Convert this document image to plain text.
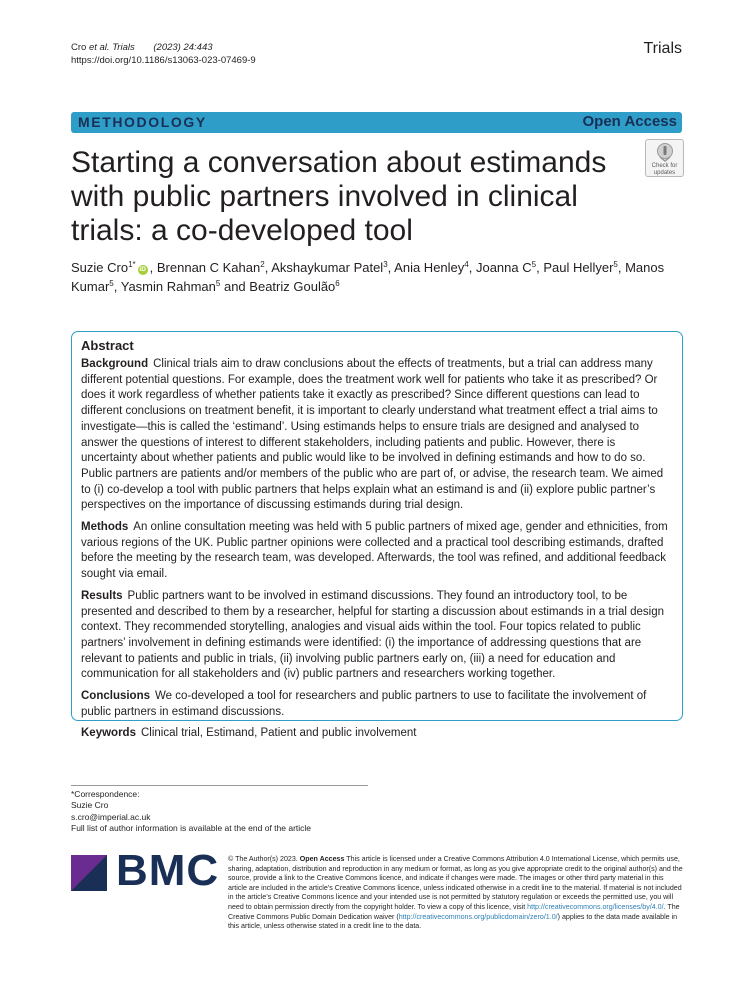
Cro et al. Trials (2023) 24:443
https://doi.org/10.1186/s13063-023-07469-9
Trials
METHODOLOGY	Open Access
Check for
updates
Starting a conversation about estimands with public partners involved in clinical trials: a co-developed tool
Suzie Cro$^{1*}$iD , Brennan C Kahan$^2$, Akshaykumar Patel$^3$, Ania Henley$^4$, Joanna $C^5$, Paul Hellyer$^5$, Manos Kumar$^5$, Yasmin Rahman$^5$ and Beatriz Goulão$^6$
Abstract

Background Clinical trials aim to draw conclusions about the effects of treatments, but a trial can address many different potential questions. For example, does the treatment work well for patients who take it as prescribed? Or does it work regardless of whether patients take it exactly as prescribed? Since different questions can lead to different conclusions on treatment benefit, it is important to clearly understand what treatment effect a trial aims to investigate—this is called the ‘estimand’. Using estimands helps to ensure trials are designed and analysed to answer the questions of interest to different stakeholders, including patients and public. However, there is uncertainty about whether patients and public would like to be involved in defining estimands and how to do so. Public partners are patients and/or members of the public who are part of, or advise, the research team. We aimed to (i) co-develop a tool with public partners that helps explain what an estimand is and (ii) explore public partner’s perspectives on the importance of discussing estimands during trial design.

Methods An online consultation meeting was held with 5 public partners of mixed age, gender and ethnicities, from various regions of the UK. Public partner opinions were collected and a practical tool describing estimands, drafted before the meeting by the research team, was developed. Afterwards, the tool was refined, and additional feedback sought via email.

Results Public partners want to be involved in estimand discussions. They found an introductory tool, to be presented and described to them by a researcher, helpful for starting a discussion about estimands in a trial design context. They recommended storytelling, analogies and visual aids within the tool. Four topics related to public partners’ involvement in defining estimands were identified: (i) the importance of addressing questions that are relevant to patients and public in trials, (ii) involving public partners early on, (iii) a need for education and communication for all stakeholders and (iv) public partners and researchers working together.

Conclusions We co-developed a tool for researchers and public partners to use to facilitate the involvement of public partners in estimand discussions.

Keywords Clinical trial, Estimand, Patient and public involvement

*Correspondence:
Suzie Cro
s.cro@imperial.ac.uk
Full list of author information is available at the end of the article
BMC © The Author(s) 2023. Open Access This article is licensed under a Creative Commons Attribution 4.0 International License, which permits use, sharing, adaptation, distribution and reproduction in any medium or format, as long as you give appropriate credit to the original author(s) and the source, provide a link to the Creative Commons licence, and indicate if changes were made. The images or other third party material in this article are included in the article’s Creative Commons licence, unless indicated otherwise in a credit line to the material. If material is not included in the article’s Creative Commons licence and your intended use is not permitted by statutory regulation or exceeds the permitted use, you will need to obtain permission directly from the copyright holder. To view a copy of this licence, visit http://creativecommons.org/licenses/by/4.0/. The Creative Commons Public Domain Dedication waiver (http://creativecommons.org/publicdomain/zero/1.0/) applies to the data made available in this article, unless otherwise stated in a credit line to the data.
